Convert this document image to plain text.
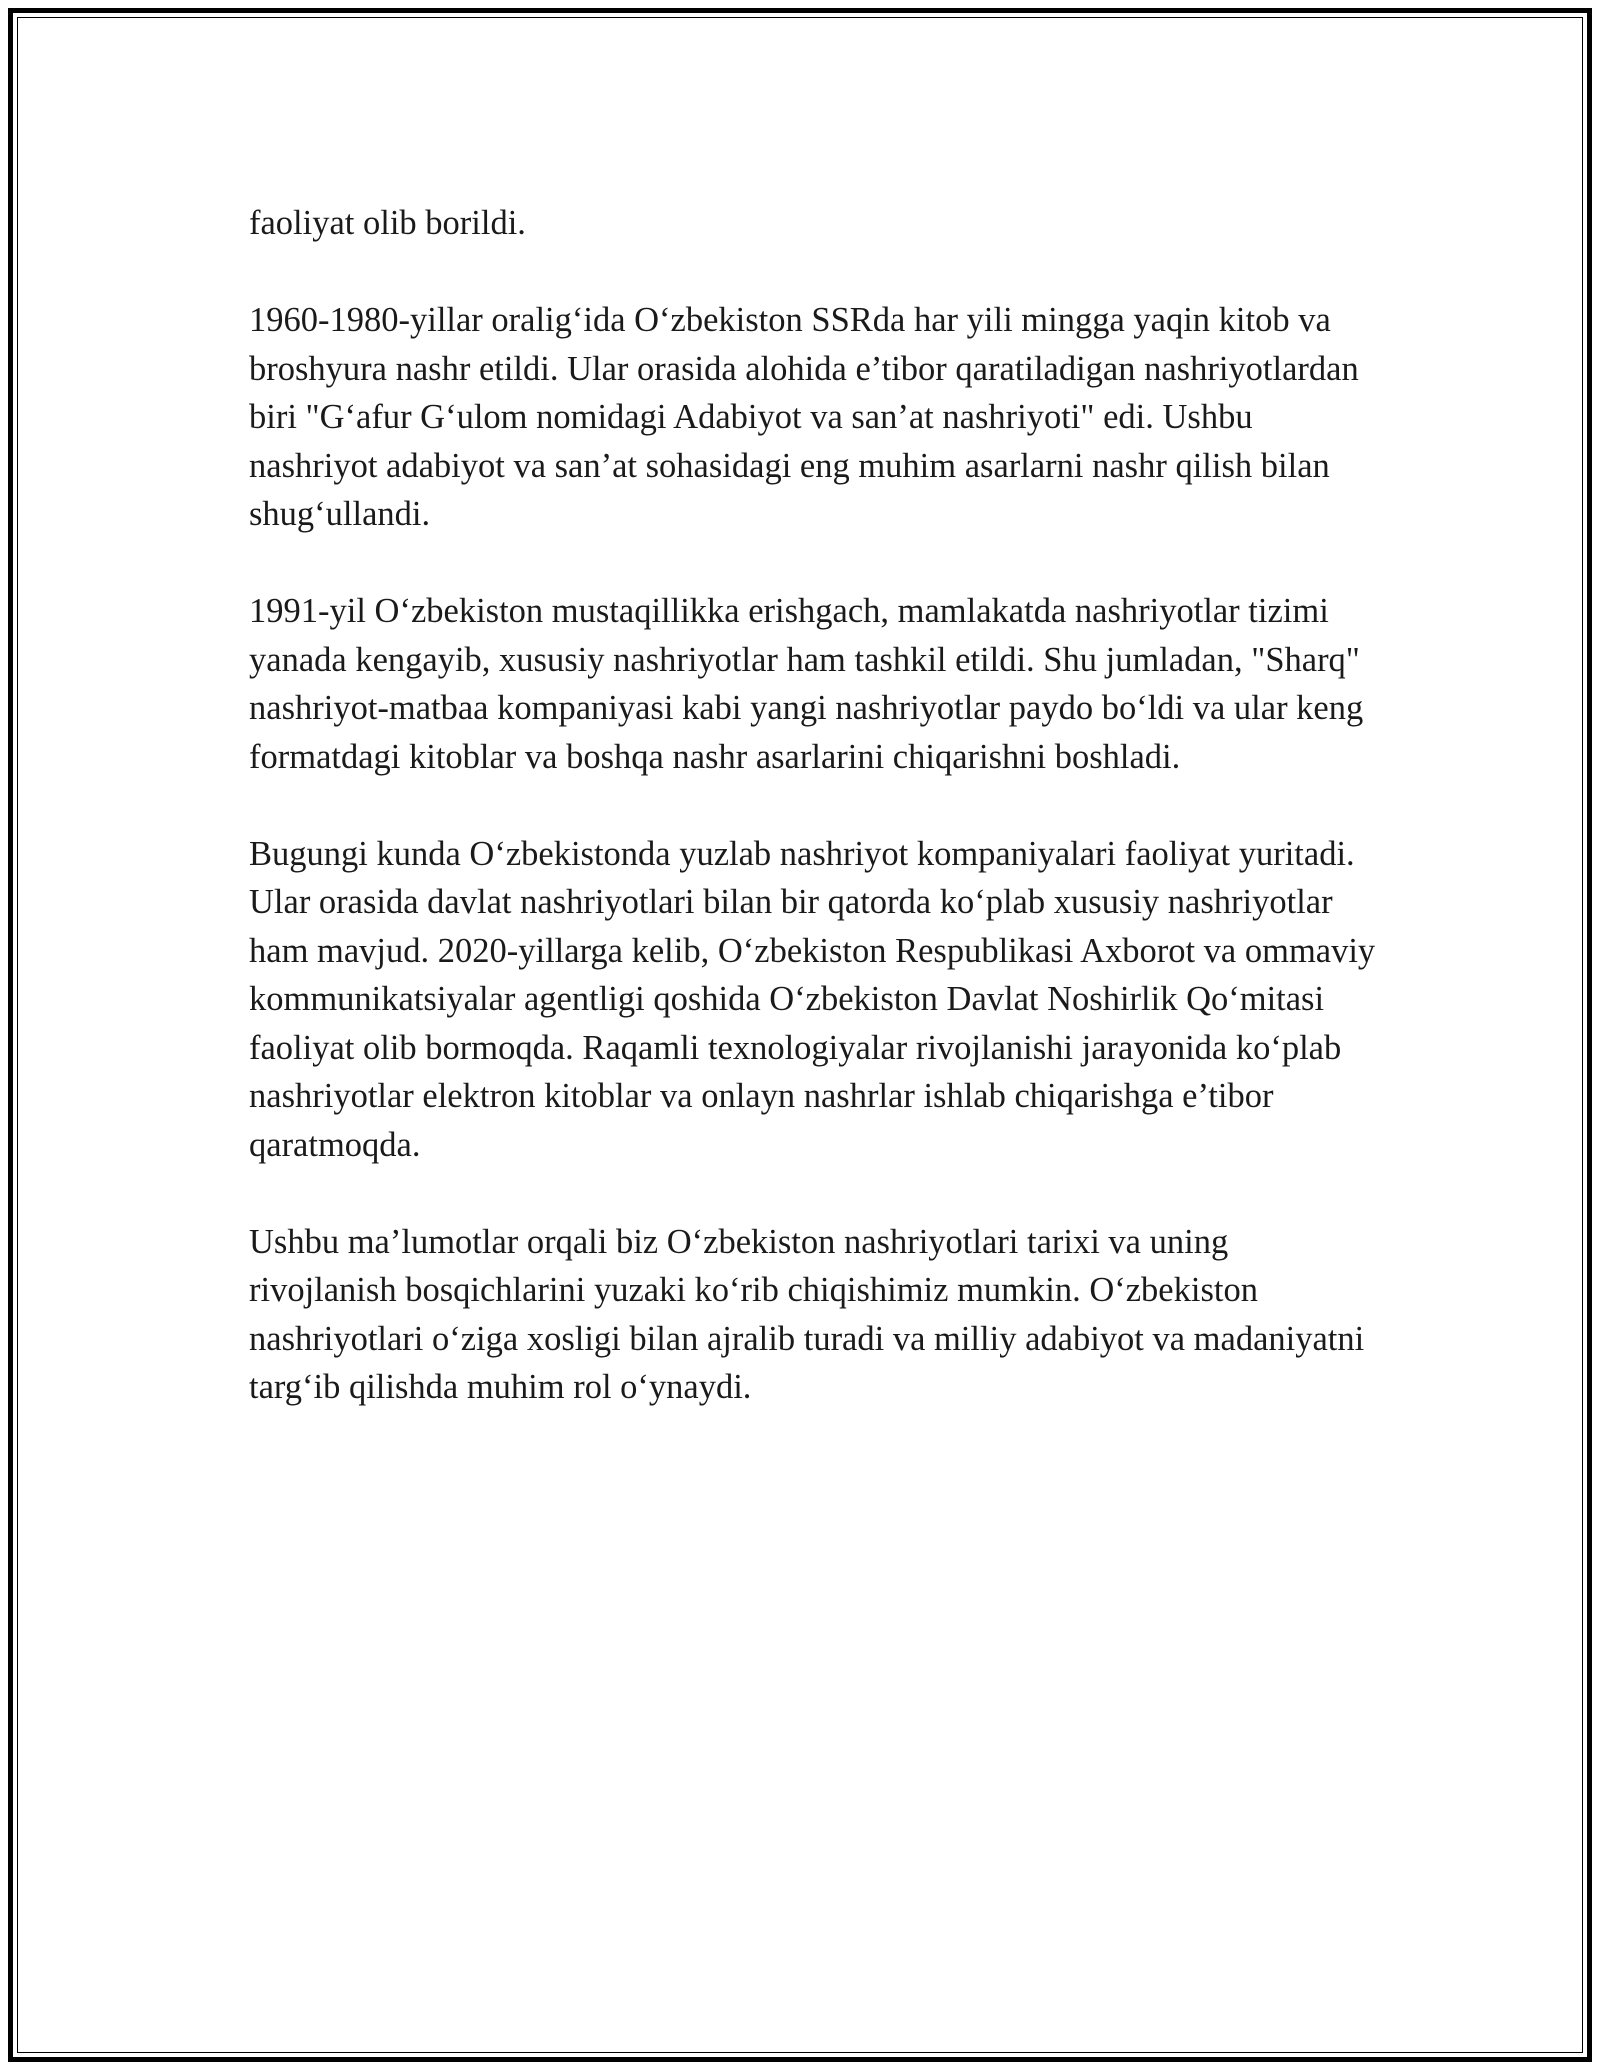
faoliyat olib borildi.

1960-1980-yillar oralig‘ida O‘zbekiston SSRda har yili mingga yaqin kitob va broshyura nashr etildi. Ular orasida alohida e’tibor qaratiladigan nashriyotlardan biri "G‘afur G‘ulom nomidagi Adabiyot va san’at nashriyoti" edi. Ushbu nashriyot adabiyot va san’at sohasidagi eng muhim asarlarni nashr qilish bilan shug‘ullandi.

1991-yil O‘zbekiston mustaqillikka erishgach, mamlakatda nashriyotlar tizimi yanada kengayib, xususiy nashriyotlar ham tashkil etildi. Shu jumladan, "Sharq" nashriyot-matbaa kompaniyasi kabi yangi nashriyotlar paydo bo‘ldi va ular keng formatdagi kitoblar va boshqa nashr asarlarini chiqarishni boshladi.

Bugungi kunda O‘zbekistonda yuzlab nashriyot kompaniyalari faoliyat yuritadi. Ular orasida davlat nashriyotlari bilan bir qatorda ko‘plab xususiy nashriyotlar ham mavjud. 2020-yillarga kelib, O‘zbekiston Respublikasi Axborot va ommaviy kommunikatsiyalar agentligi qoshida O‘zbekiston Davlat Noshirlik Qo‘mitasi faoliyat olib bormoqda. Raqamli texnologiyalar rivojlanishi jarayonida ko‘plab nashriyotlar elektron kitoblar va onlayn nashrlar ishlab chiqarishga e’tibor qaratmoqda.

Ushbu ma’lumotlar orqali biz O‘zbekiston nashriyotlari tarixi va uning rivojlanish bosqichlarini yuzaki ko‘rib chiqishimiz mumkin. O‘zbekiston nashriyotlari o‘ziga xosligi bilan ajralib turadi va milliy adabiyot va madaniyatni targ‘ib qilishda muhim rol o‘ynaydi.
